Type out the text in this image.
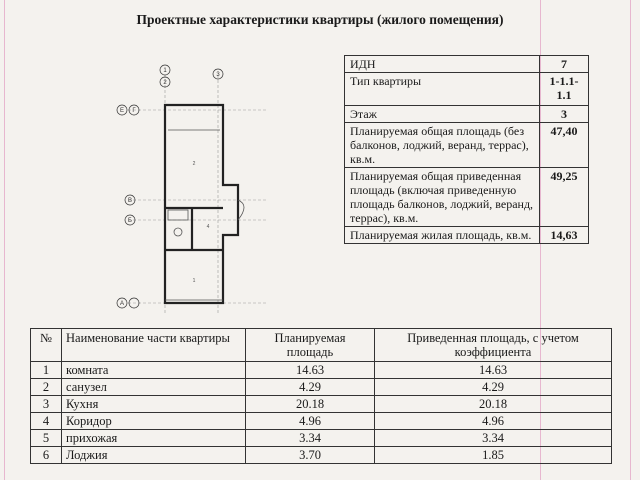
Проектные характеристики квартиры (жилого помещения)
1
2
3
Е Г
В
Б
А
2
4
1
ИДН	7
Тип квартиры	1-1.1-1.1
Этаж	3
Планируемая общая площадь (без балконов, лоджий, веранд, террас), кв.м.	47,40
Планируемая общая приведенная площадь (включая приведенную площадь балконов, лоджий, веранд, террас), кв.м.	49,25
Планируемая жилая площадь, кв.м.	14,63
№	Наименование части квартиры	Планируемая площадь	Приведенная площадь, с учетом коэффициента
1	комната	14.63	14.63
2	санузел	4.29	4.29
3	Кухня	20.18	20.18
4	Коридор	4.96	4.96
5	прихожая	3.34	3.34
6	Лоджия	3.70	1.85
